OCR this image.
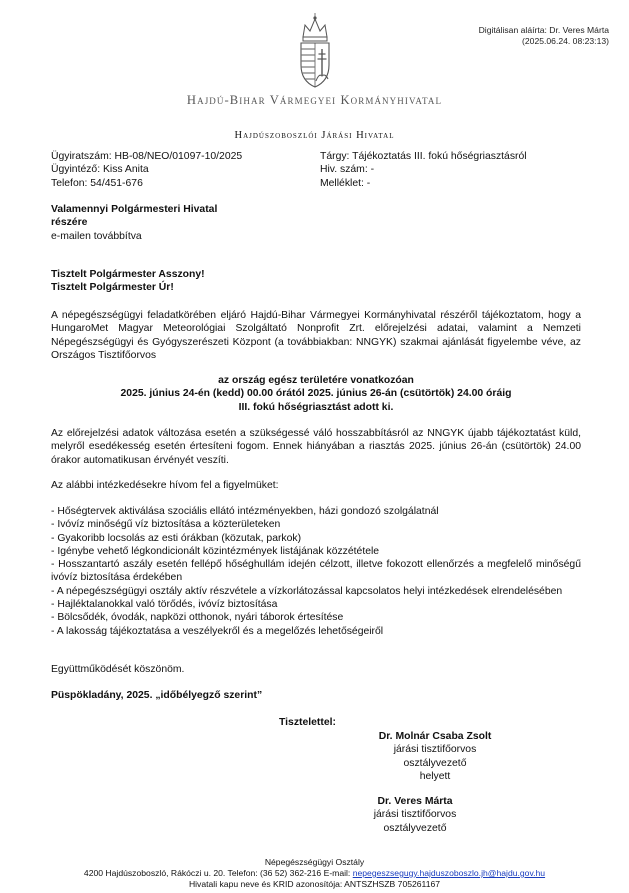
Digitálisan aláírta: Dr. Veres Márta
(2025.06.24. 08:23:13)
Hajdú-Bihar Vármegyei Kormányhivatal
Hajdúszoboszlói Járási Hivatal
Ügyiratszám: HB-08/NEO/01097-10/2025
Ügyintéző: Kiss Anita
Telefon: 54/451-676
Tárgy: Tájékoztatás III. fokú hőségriasztásról
Hiv. szám: -
Melléklet: -
Valamennyi Polgármesteri Hivatal
részére
e-mailen továbbítva
Tisztelt Polgármester Asszony!
Tisztelt Polgármester Úr!
A népegészségügyi feladatkörében eljáró Hajdú-Bihar Vármegyei Kormányhivatal részéről tájékoztatom, hogy a HungaroMet Magyar Meteorológiai Szolgáltató Nonprofit Zrt. előrejelzési adatai, valamint a Nemzeti Népegészségügyi és Gyógyszerészeti Központ (a továbbiakban: NNGYK) szakmai ajánlását figyelembe véve, az Országos Tisztifőorvos
az ország egész területére vonatkozóan
2025. június 24-én (kedd) 00.00 órától 2025. június 26-án (csütörtök) 24.00 óráig
III. fokú hőségriasztást adott ki.
Az előrejelzési adatok változása esetén a szükségessé váló hosszabbításról az NNGYK újabb tájékoztatást küld, melyről esedékesség esetén értesíteni fogom. Ennek hiányában a riasztás 2025. június 26-án (csütörtök) 24.00 órakor automatikusan érvényét veszíti.
Az alábbi intézkedésekre hívom fel a figyelmüket:
- Hőségtervek aktiválása szociális ellátó intézményekben, házi gondozó szolgálatnál
- Ivóvíz minőségű víz biztosítása a közterületeken
- Gyakoribb locsolás az esti órákban (közutak, parkok)
- Igénybe vehető légkondicionált közintézmények listájának közzététele
- Hosszantartó aszály esetén fellépő hőséghullám idején célzott, illetve fokozott ellenőrzés a megfelelő minőségű ivóvíz biztosítása érdekében
- A népegészségügyi osztály aktív részvétele a vízkorlátozással kapcsolatos helyi intézkedések elrendelésében
- Hajléktalanokkal való törődés, ivóvíz biztosítása
- Bölcsődék, óvodák, napközi otthonok, nyári táborok értesítése
- A lakosság tájékoztatása a veszélyekről és a megelőzés lehetőségeiről
Együttműködését köszönöm.
Püspökladány, 2025. „időbélyegző szerint”
Tisztelettel:
Dr. Molnár Csaba Zsolt
járási tisztifőorvos
osztályvezető
helyett
Dr. Veres Márta
járási tisztifőorvos
osztályvezető
Népegészségügyi Osztály
4200 Hajdúszoboszló, Rákóczi u. 20. Telefon: (36 52) 362-216 E-mail: nepegeszsegugy.hajduszoboszlo.jh@hajdu.gov.hu
Hivatali kapu neve és KRID azonosítója: ANTSZHSZB 705261167
